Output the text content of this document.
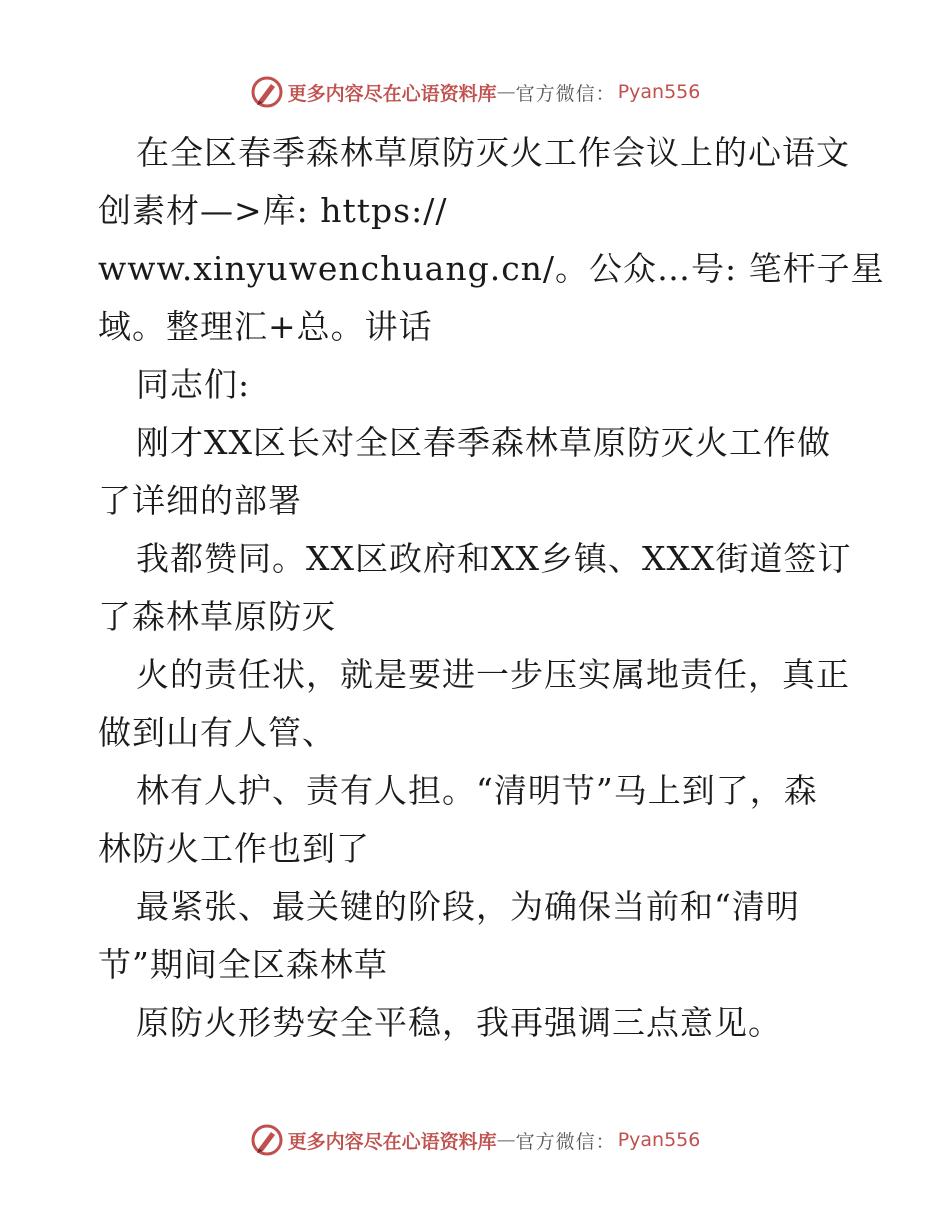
更多内容尽在心语资料库 — 官方微信： Pyan556
在全区春季森林草原防灭火工作会议上的心语文
创素材—>库: https://
www.xinyuwenchuang.cn/。公众…号: 笔杆子星
域。整理汇+总。讲话
同志们:
刚才XX区长对全区春季森林草原防灭火工作做
了详细的部署
我都赞同。XX区政府和XX乡镇、XXX街道签订
了森林草原防灭
火的责任状，就是要进一步压实属地责任，真正
做到山有人管、
林有人护、责有人担。“清明节”马上到了，森
林防火工作也到了
最紧张、最关键的阶段，为确保当前和“清明
节”期间全区森林草
原防火形势安全平稳，我再强调三点意见。
更多内容尽在心语资料库 — 官方微信： Pyan556
